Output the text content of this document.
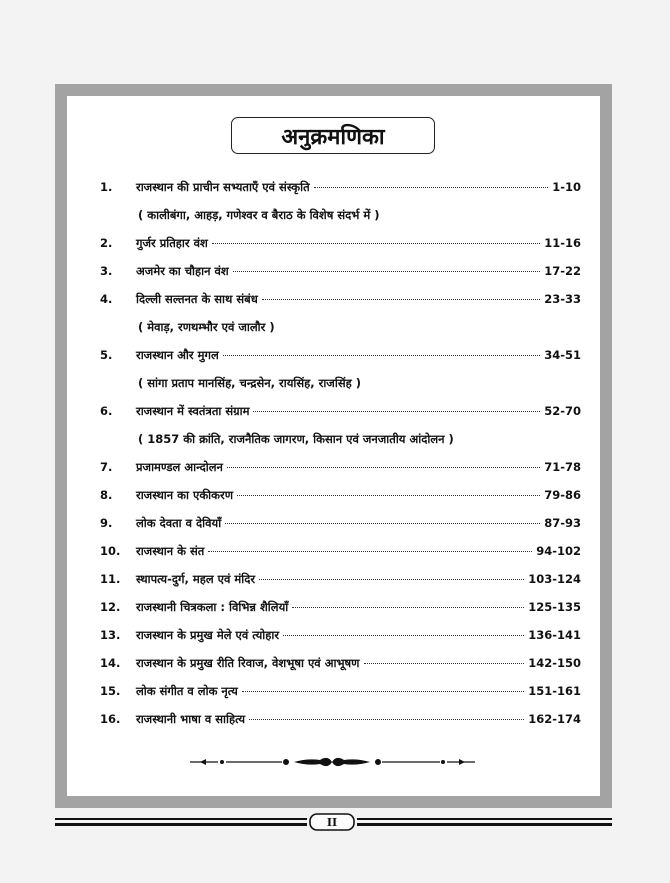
अनुक्रमणिका
1.	राजस्थान की प्राचीन सभ्यताएँ एवं संस्कृति	1-10
( कालीबंगा, आहड़, गणेश्वर व बैराठ के विशेष संदर्भ में )
2.	गुर्जर प्रतिहार वंश	11-16
3.	अजमेर का चौहान वंश	17-22
4.	दिल्ली सल्तनत के साथ संबंध	23-33
( मेवाड़, रणथम्भौर एवं जालौर )
5.	राजस्थान और मुगल	34-51
( सांगा प्रताप मानसिंह, चन्द्रसेन, रायसिंह, राजसिंह )
6.	राजस्थान में स्वतंत्रता संग्राम	52-70
( 1857 की क्रांति, राजनैतिक जागरण, किसान एवं जनजातीय आंदोलन )
7.	प्रजामण्डल आन्दोलन	71-78
8.	राजस्थान का एकीकरण	79-86
9.	लोक देवता व देवियाँ	87-93
10.	राजस्थान के संत	94-102
11.	स्थापत्य-दुर्ग, महल एवं मंदिर	103-124
12.	राजस्थानी चित्रकला : विभिन्न शैलियाँ	125-135
13.	राजस्थान के प्रमुख मेले एवं त्योहार	136-141
14.	राजस्थान के प्रमुख रीति रिवाज, वेशभूषा एवं आभूषण	142-150
15.	लोक संगीत व लोक नृत्य	151-161
16.	राजस्थानी भाषा व साहित्य	162-174
II
